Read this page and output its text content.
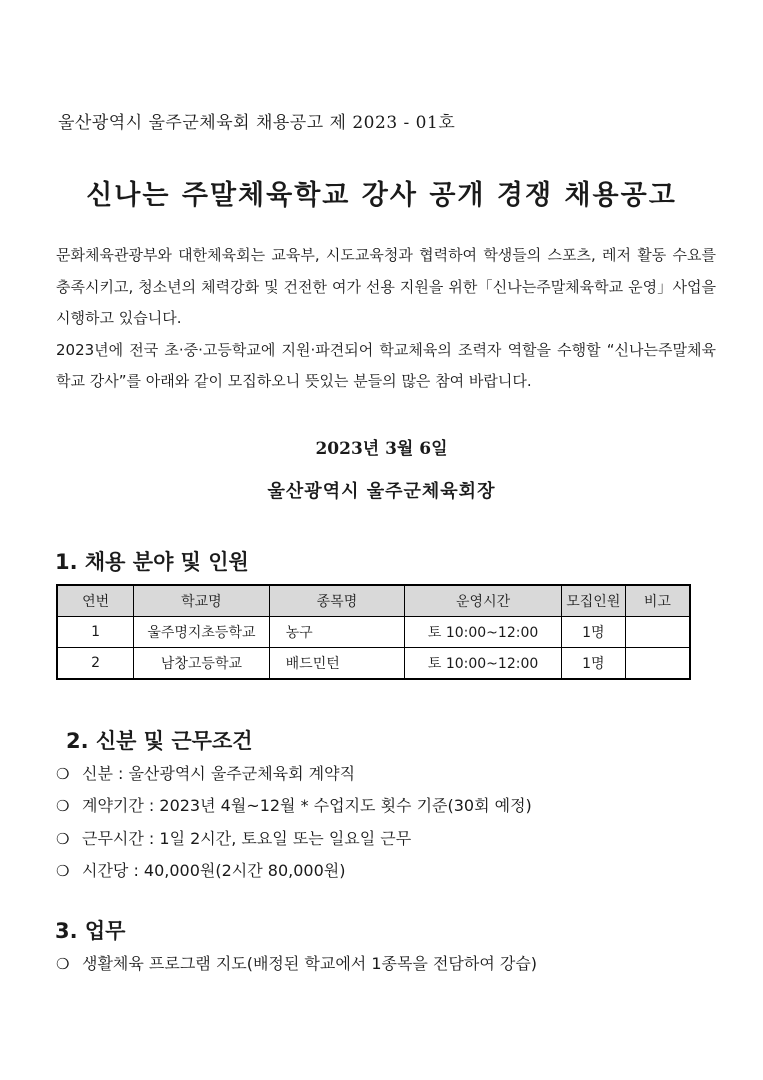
울산광역시 울주군체육회 채용공고 제 2023 - 01호
신나는 주말체육학교 강사 공개 경쟁 채용공고

문화체육관광부와 대한체육회는 교육부, 시도교육청과 협력하여 학생들의 스포츠, 레저 활동 수요를 충족시키고, 청소년의 체력강화 및 건전한 여가 선용 지원을 위한「신나는주말체육학교 운영」사업을 시행하고 있습니다.

2023년에 전국 초·중·고등학교에 지원·파견되어 학교체육의 조력자 역할을 수행할 “신나는주말체육학교 강사”를 아래와 같이 모집하오니 뜻있는 분들의 많은 참여 바랍니다.

2023년 3월 6일
울산광역시 울주군체육회장
1. 채용 분야 및 인원
연번	학교명	종목명	운영시간	모집인원	비고
1	울주명지초등학교	농구	토 10:00~12:00	1명	
2	남창고등학교	배드민턴	토 10:00~12:00	1명	
2. 신분 및 근무조건
❍ 신분 : 울산광역시 울주군체육회 계약직
❍ 계약기간 : 2023년 4월~12월 * 수업지도 횟수 기준(30회 예정)
❍ 근무시간 : 1일 2시간, 토요일 또는 일요일 근무
❍ 시간당 : 40,000원(2시간 80,000원)
3. 업무
❍ 생활체육 프로그램 지도(배정된 학교에서 1종목을 전담하여 강습)
